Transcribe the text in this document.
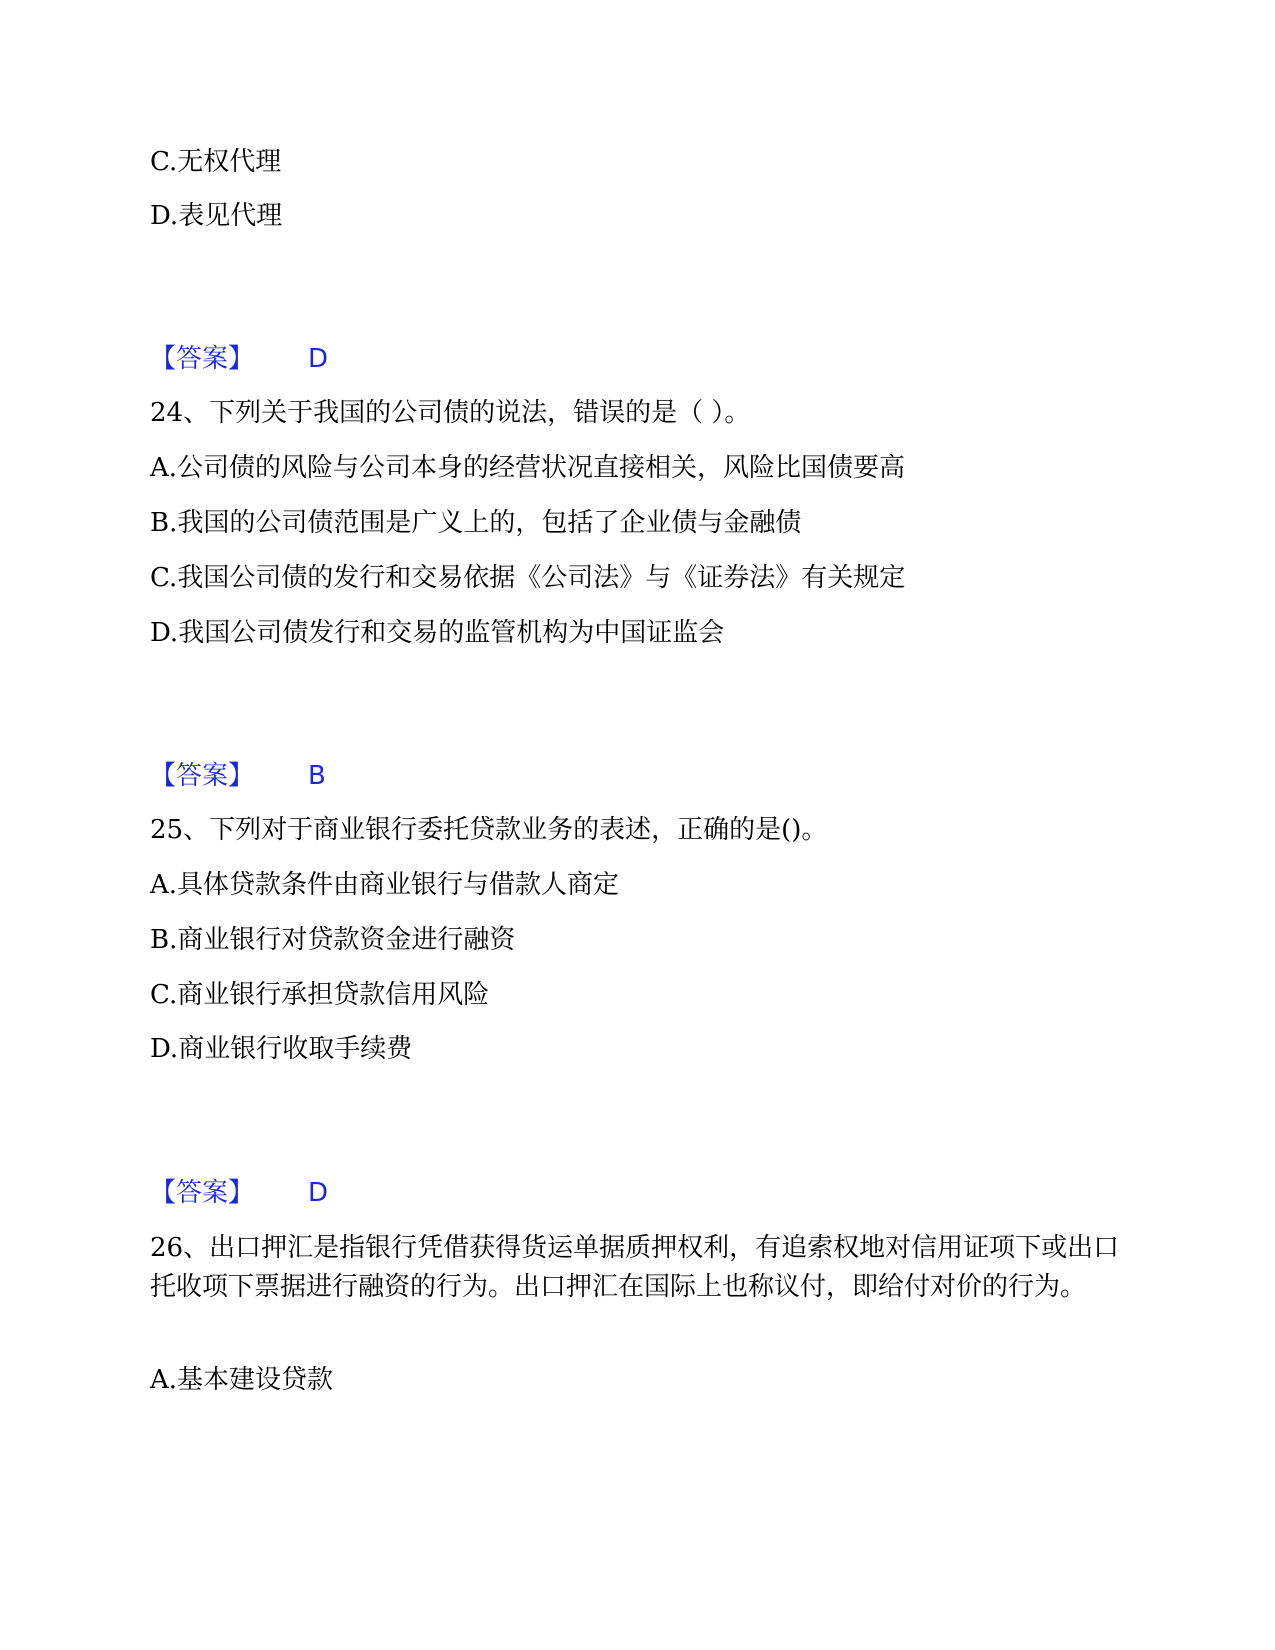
C.无权代理
D.表见代理
【答案】 D
24、下列关于我国的公司债的说法，错误的是（ ）。
A.公司债的风险与公司本身的经营状况直接相关，风险比国债要高
B.我国的公司债范围是广义上的，包括了企业债与金融债
C.我国公司债的发行和交易依据《公司法》与《证券法》有关规定
D.我国公司债发行和交易的监管机构为中国证监会
【答案】 B
25、下列对于商业银行委托贷款业务的表述，正确的是()。
A.具体贷款条件由商业银行与借款人商定
B.商业银行对贷款资金进行融资
C.商业银行承担贷款信用风险
D.商业银行收取手续费
【答案】 D

26、出口押汇是指银行凭借获得货运单据质押权利，有追索权地对信用证项下或出口托收项下票据进行融资的行为。出口押汇在国际上也称议付，即给付对价的行为。

A.基本建设贷款
